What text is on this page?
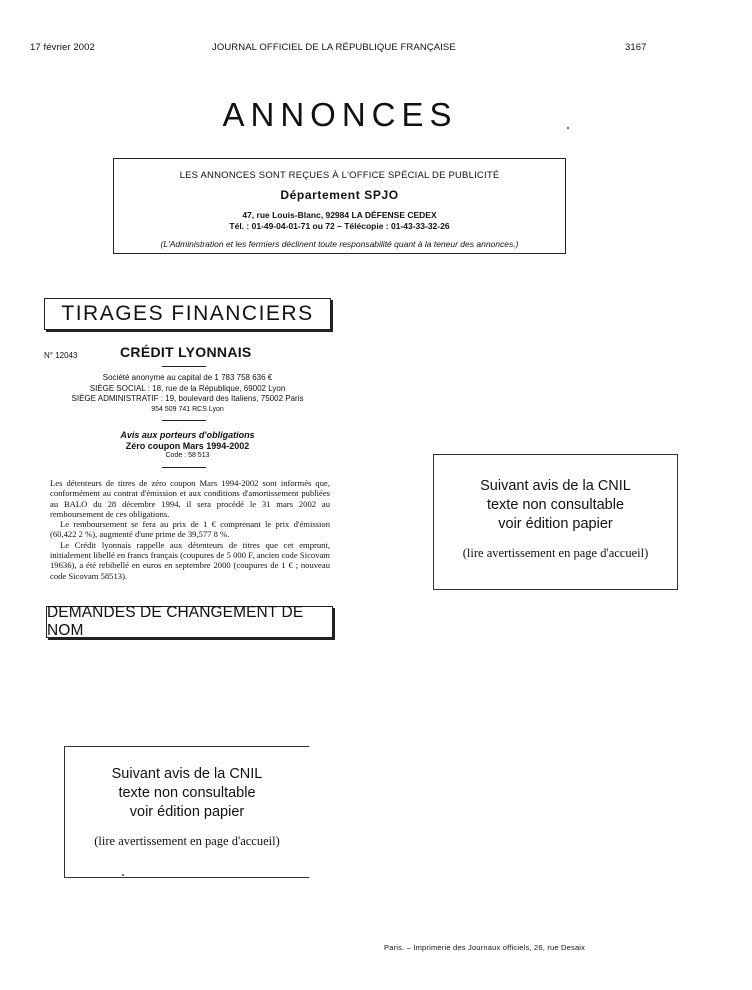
17 février 2002	JOURNAL OFFICIEL DE LA RÉPUBLIQUE FRANÇAISE	3167
ANNONCES
LES ANNONCES SONT REÇUES À L'OFFICE SPÉCIAL DE PUBLICITÉ
Département SPJO
47, rue Louis-Blanc, 92984 LA DÉFENSE CEDEX
Tél. : 01-49-04-01-71 ou 72 – Télécopie : 01-43-33-32-26
(L'Administration et les fermiers déclinent toute responsabilité quant à la teneur des annonces.)
TIRAGES FINANCIERS
N° 12043	CRÉDIT LYONNAIS
Société anonyme au capital de 1 783 758 636 €
SIÈGE SOCIAL : 18, rue de la République, 69002 Lyon
SIÈGE ADMINISTRATIF : 19, boulevard des Italiens, 75002 Paris
954 509 741 RCS Lyon
Avis aux porteurs d'obligations
Zéro coupon Mars 1994-2002
Code : 58 513

Les détenteurs de titres de zéro coupon Mars 1994-2002 sont informés que, conformément au contrat d'émission et aux conditions d'amortissement publiées au BALO du 28 décembre 1994, il sera procédé le 31 mars 2002 au remboursement de ces obligations.

Le remboursement se fera au prix de 1 € comprenant le prix d'émission (60,422 2 %), augmenté d'une prime de 39,577 8 %.

Le Crédit lyonnais rappelle aux détenteurs de titres que cet emprunt, initialement libellé en francs français (coupures de 5 000 F, ancien code Sicovam 19636), a été rebibellé en euros en septembre 2000 (coupures de 1 € ; nouveau code Sicovam 58513).

DEMANDES DE CHANGEMENT DE NOM
Suivant avis de la CNIL
texte non consultable
voir édition papier
(lire avertissement en page d'accueil)
Suivant avis de la CNIL
texte non consultable
voir édition papier
(lire avertissement en page d'accueil)
Paris. – Imprimerie des Journaux officiels, 26, rue Desaix
